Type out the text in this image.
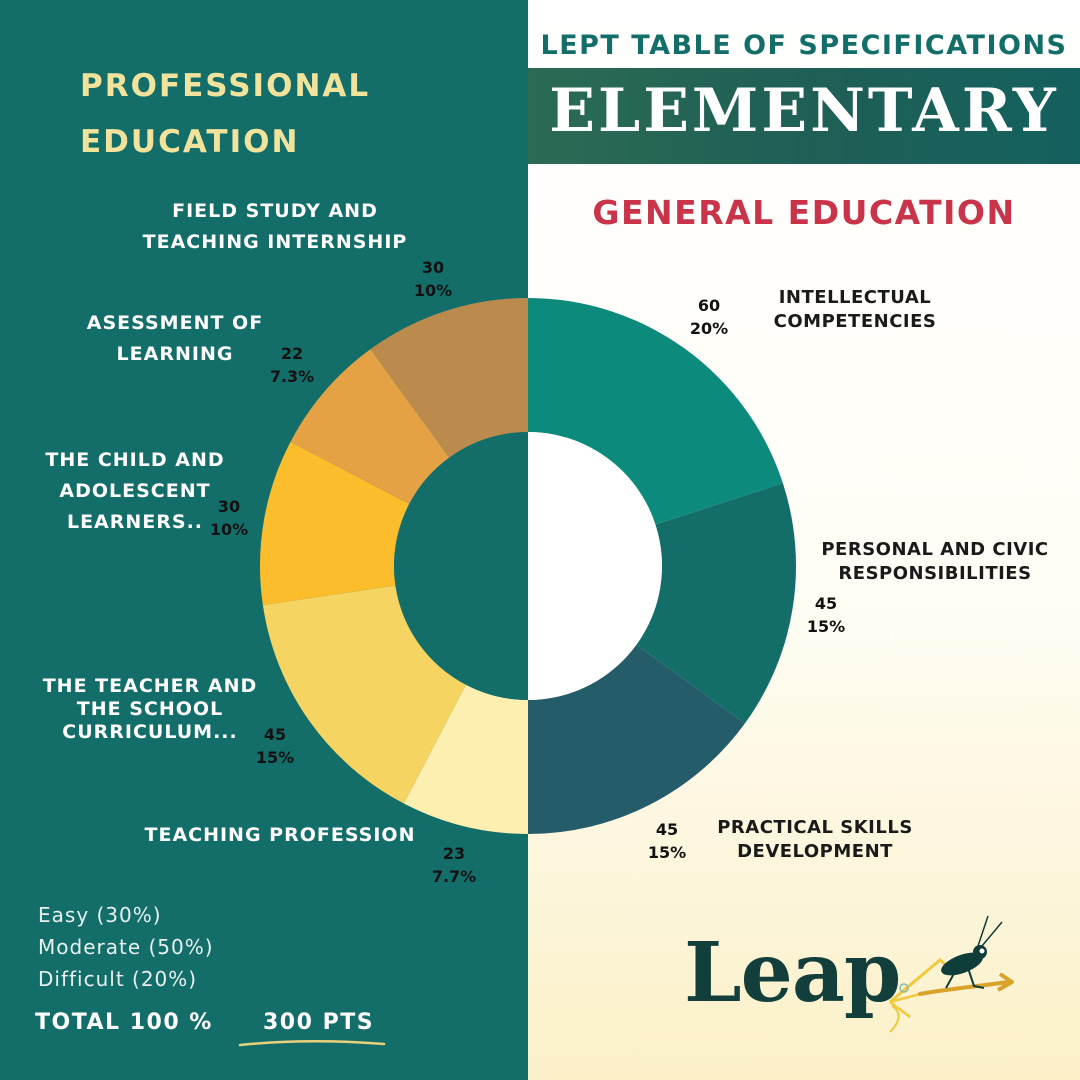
PROFESSIONAL EDUCATION
LEPT TABLE OF SPECIFICATIONS
ELEMENTARY
GENERAL EDUCATION
FIELD STUDY AND TEACHING INTERNSHIP
30
10%
ASESSMENT OF LEARNING	22
7.3%
THE CHILD AND ADOLESCENT LEARNERS..
30
10%
THE TEACHER AND THE SCHOOL CURRICULUM...	45
15%
TEACHING PROFESSION
23
7.7%
INTELLECTUAL COMPETENCIES
60
20%
PERSONAL AND CIVIC RESPONSIBILITIES
45
15%
PRACTICAL SKILLS DEVELOPMENT
45
15%
Easy (30%)
Moderate (50%)
Difficult (20%)
TOTAL 100 % 300 PTS
Leap
